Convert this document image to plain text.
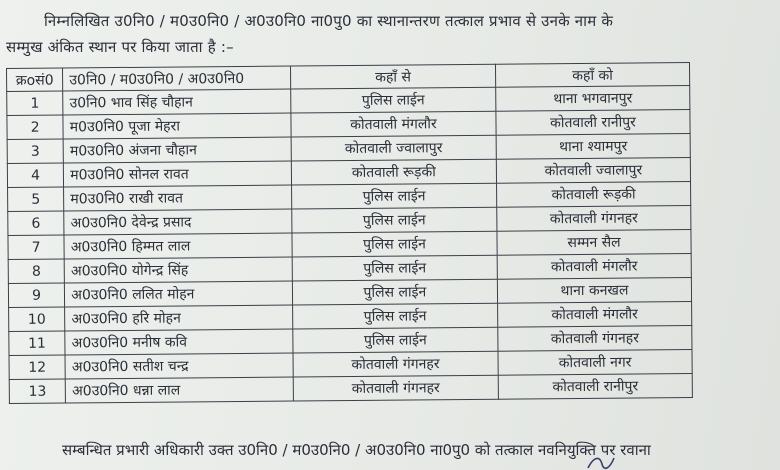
निम्नलिखित उ0नि0 / म0उ0नि0 / अ0उ0नि0 ना0पु0 का स्थानान्तरण तत्काल प्रभाव से उनके नाम के
सम्मुख अंकित स्थान पर किया जाता है :–
क्रoसं0	उ0नि0 / म0उ0नि0 / अ0उ0नि0	कहाँ से	कहाँ को
1	उ0नि0 भाव सिंह चौहान	पुलिस लाईन	थाना भगवानपुर
2	म0उ0नि0 पूजा मेहरा	कोतवाली मंगलौर	कोतवाली रानीपुर
3	म0उ0नि0 अंजना चौहान	कोतवाली ज्वालापुर	थाना श्यामपुर
4	म0उ0नि0 सोनल रावत	कोतवाली रूड़की	कोतवाली ज्वालापुर
5	म0उ0नि0 राखी रावत	पुलिस लाईन	कोतवाली रूड़की
6	अ0उ0नि0 देवेन्द्र प्रसाद	पुलिस लाईन	कोतवाली गंगनहर
7	अ0उ0नि0 हिम्मत लाल	पुलिस लाईन	सम्मन सैल
8	अ0उ0नि0 योगेन्द्र सिंह	पुलिस लाईन	कोतवाली मंगलौर
9	अ0उ0नि0 ललित मोहन	पुलिस लाईन	थाना कनखल
10	अ0उ0नि0 हरि मोहन	पुलिस लाईन	कोतवाली मंगलौर
11	अ0उ0नि0 मनीष कवि	पुलिस लाईन	कोतवाली गंगनहर
12	अ0उ0नि0 सतीश चन्द्र	कोतवाली गंगनहर	कोतवाली नगर
13	अ0उ0नि0 धन्ना लाल	कोतवाली गंगनहर	कोतवाली रानीपुर
सम्बन्धित प्रभारी अधिकारी उक्त उ0नि0 / म0उ0नि0 / अ0उ0नि0 ना0पु0 को तत्काल नवनियुक्ति पर रवाना
